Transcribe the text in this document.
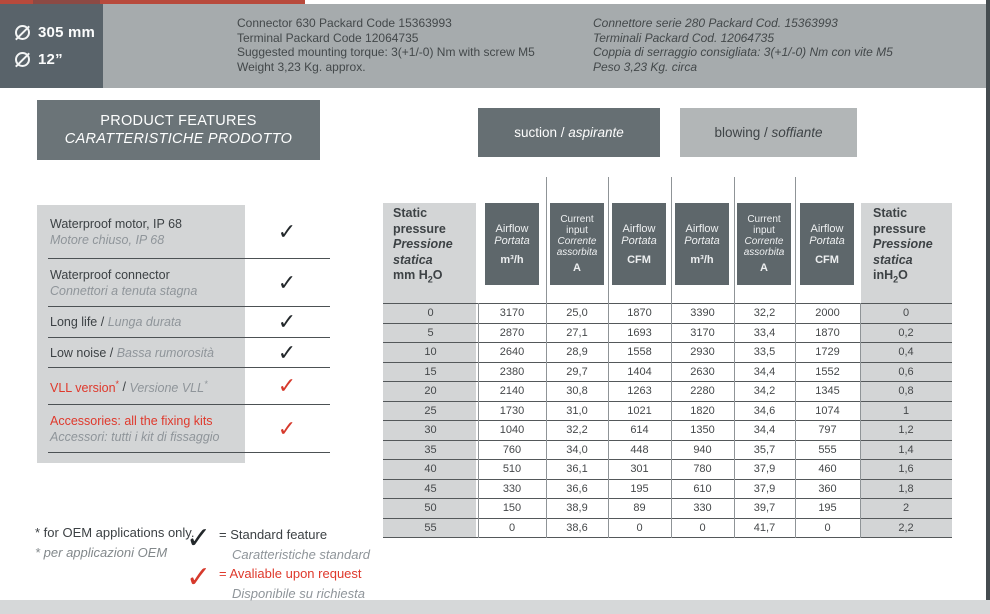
305 mm
12”
Connector 630 Packard Code 15363993
Terminal Packard Code 12064735
Suggested mounting torque: 3(+1/-0) Nm with screw M5
Weight 3,23 Kg. approx.
Connettore serie 280 Packard Cod. 15363993
Terminali Packard Cod. 12064735
Coppia di serraggio consigliata: 3(+1/-0) Nm con vite M5
Peso 3,23 Kg. circa
PRODUCT FEATURES
CARATTERISTICHE PRODOTTO
Waterproof motor, IP 68
Motore chiuso, IP 68	✓
Waterproof connector
Connettori a tenuta stagna	✓
Long life / Lunga durata	✓
Low noise / Bassa rumorosità	✓
VLL version* / Versione VLL*	✓
Accessories: all the fixing kits
Accessori: tutti i kit di fissaggio	✓
suction / aspirante	blowing / soffiante
Static pressure
Pressione statica
mm $H_2O$
Airflow
Portata
m³/h
Current input
Corrente assorbita
A
Airflow
Portata
CFM
Airflow
Portata
m³/h
Current input
Corrente assorbita
A
Airflow
Portata
CFM
Static pressure
Pressione statica
inH$_2$O
0	3170	25,0	1870	3390	32,2	2000	0
5	2870	27,1	1693	3170	33,4	1870	0,2
10	2640	28,9	1558	2930	33,5	1729	0,4
15	2380	29,7	1404	2630	34,4	1552	0,6
20	2140	30,8	1263	2280	34,2	1345	0,8
25	1730	31,0	1021	1820	34,6	1074	1
30	1040	32,2	614	1350	34,4	797	1,2
35	760	34,0	448	940	35,7	555	1,4
40	510	36,1	301	780	37,9	460	1,6
45	330	36,6	195	610	37,9	360	1,8
50	150	38,9	89	330	39,7	195	2
55	0	38,6	0	0	41,7	0	2,2
* for OEM applications only.
* per applicazioni OEM ✓ = Standard feature
Caratteristiche standard
✓ = Avaliable upon request
Disponibile su richiesta
